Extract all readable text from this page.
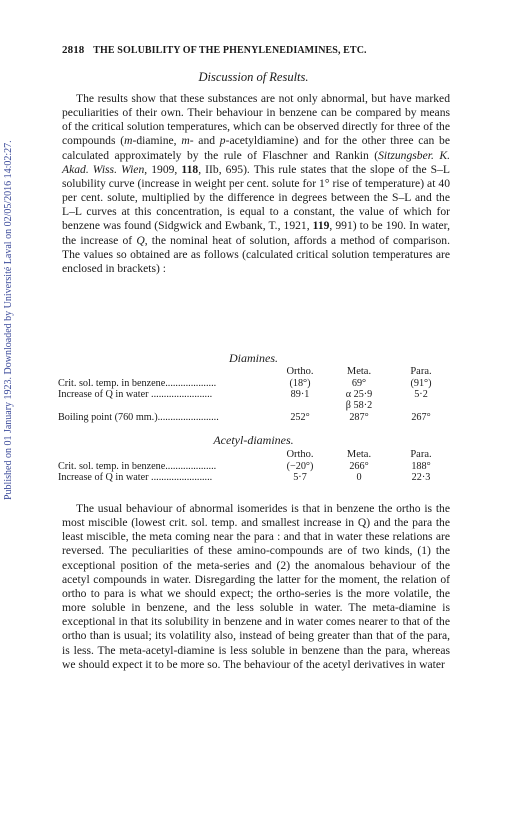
Published on 01 January 1923. Downloaded by Université Laval on 02/05/2016 14:02:27.
2818 THE SOLUBILITY OF THE PHENYLENEDIAMINES, ETC.
Discussion of Results.

The results show that these substances are not only abnormal, but have marked peculiarities of their own. Their behaviour in benzene can be compared by means of the critical solution temperatures, which can be observed directly for three of the compounds (m-diamine, m- and p-acetyldiamine) and for the other three can be calculated approximately by the rule of Flaschner and Rankin (Sitzungsber. K. Akad. Wiss. Wien, 1909, 118, IIb, 695). This rule states that the slope of the S–L solubility curve (increase in weight per cent. solute for 1° rise of temperature) at 40 per cent. solute, multiplied by the difference in degrees between the S–L and the L–L curves at this concentration, is equal to a constant, the value of which for benzene was found (Sidgwick and Ewbank, T., 1921, 119, 991) to be 190. In water, the increase of Q, the nominal heat of solution, affords a method of comparison. The values so obtained are as follows (calculated critical solution temperatures are enclosed in brackets) :

Diamines.
Ortho.	Meta.	Para.
Crit. sol. temp. in benzene....................	(18°)	69°	(91°)
Increase of Q in water ........................	89·1	α 25·9	5·2
β 58·2
Boiling point (760 mm.)........................	252°	287°	267°
Acetyl-diamines.
Ortho.	Meta.	Para.
Crit. sol. temp. in benzene....................	(−20°)	266°	188°
Increase of Q in water ........................	5·7	0	22·3

The usual behaviour of abnormal isomerides is that in benzene the ortho is the most miscible (lowest crit. sol. temp. and smallest increase in Q) and the para the least miscible, the meta coming near the para : and that in water these relations are reversed. The peculiarities of these amino-compounds are of two kinds, (1) the exceptional position of the meta-series and (2) the anomalous behaviour of the acetyl compounds in water. Disregarding the latter for the moment, the relation of ortho to para is what we should expect; the ortho-series is the more volatile, the more soluble in benzene, and the less soluble in water. The meta-diamine is exceptional in that its solubility in benzene and in water comes nearer to that of the ortho than is usual; its volatility also, instead of being greater than that of the para, is less. The meta-acetyl-diamine is less soluble in benzene than the para, whereas we should expect it to be more so. The behaviour of the acetyl derivatives in water
